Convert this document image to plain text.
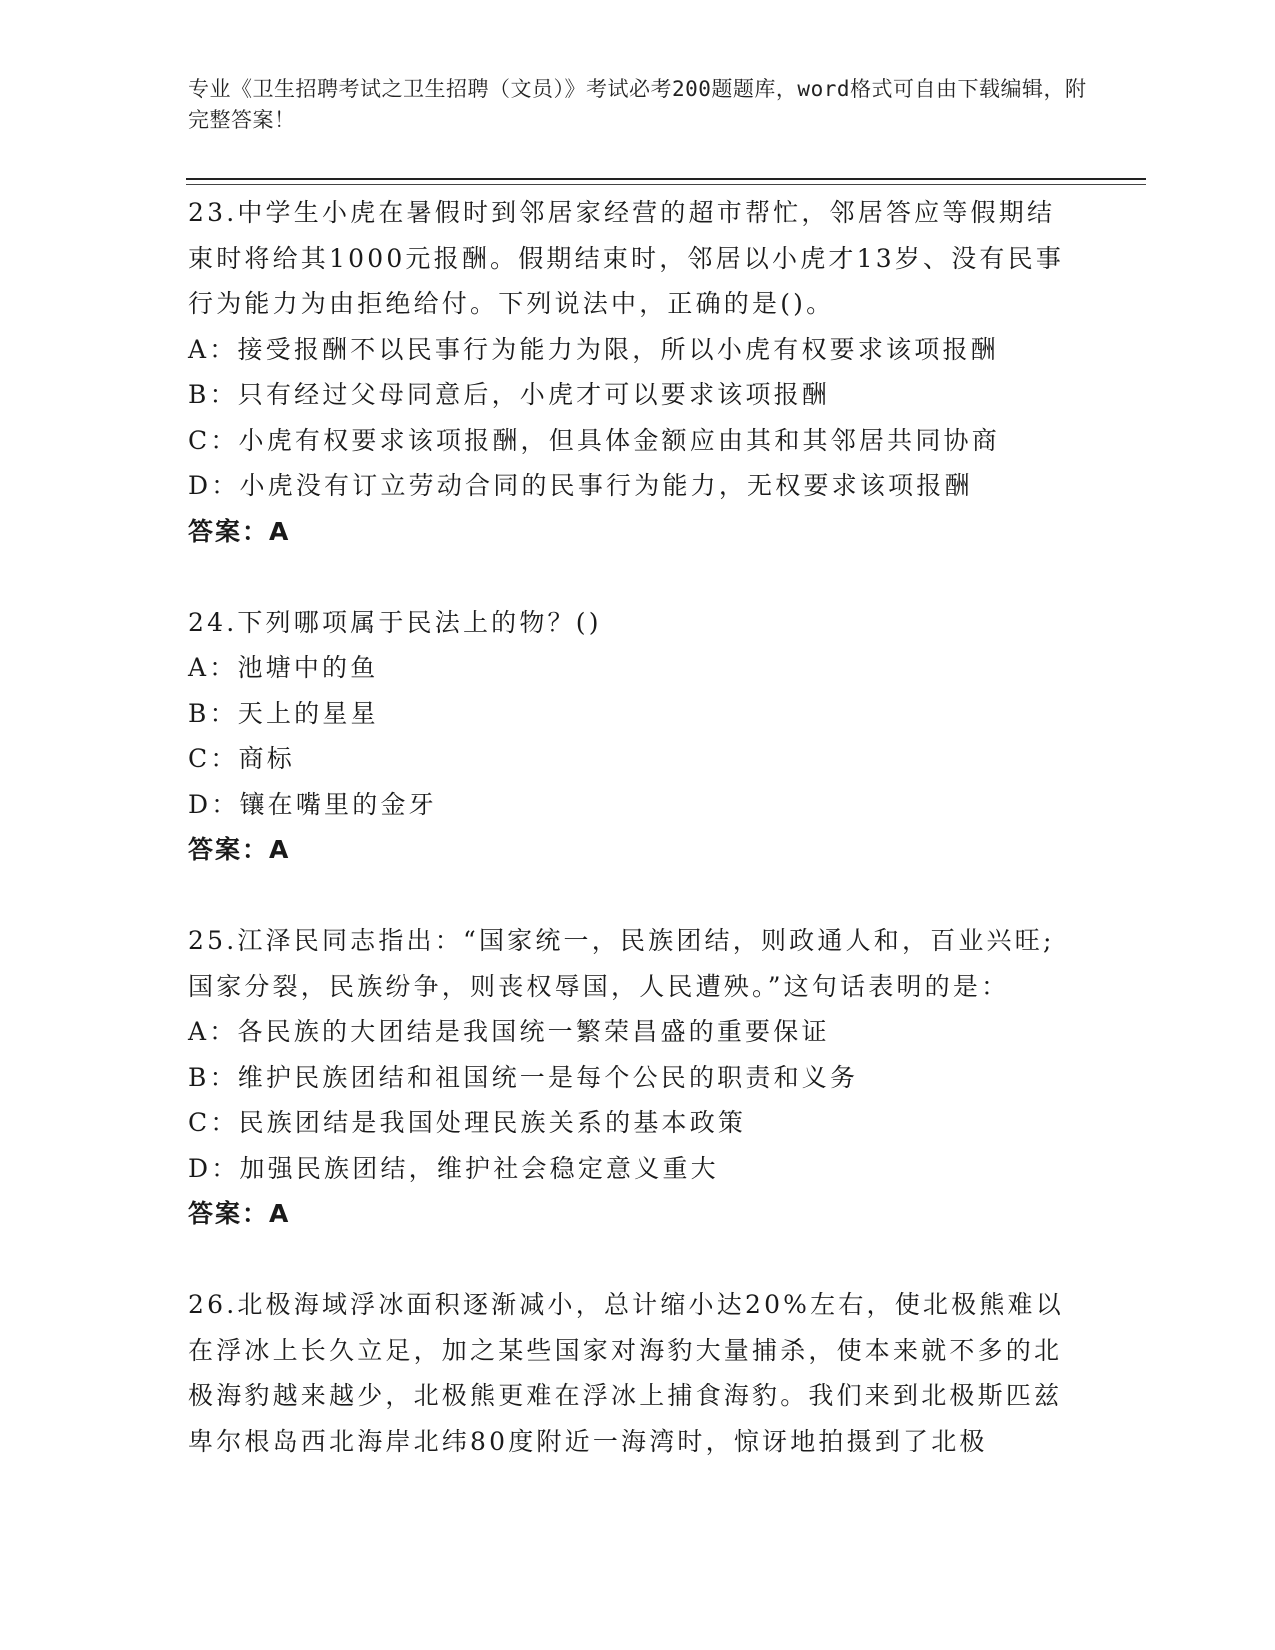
专业《卫生招聘考试之卫生招聘（文员）》考试必考200题题库，word格式可自由下载编辑，附完整答案！

23.中学生小虎在暑假时到邻居家经营的超市帮忙，邻居答应等假期结束时将给其1000元报酬。假期结束时，邻居以小虎才13岁、没有民事行为能力为由拒绝给付。下列说法中，正确的是()。

A：接受报酬不以民事行为能力为限，所以小虎有权要求该项报酬

B：只有经过父母同意后，小虎才可以要求该项报酬

C：小虎有权要求该项报酬，但具体金额应由其和其邻居共同协商

D：小虎没有订立劳动合同的民事行为能力，无权要求该项报酬

答案：A

24.下列哪项属于民法上的物？()

A：池塘中的鱼

B：天上的星星

C：商标

D：镶在嘴里的金牙

答案：A

25.江泽民同志指出：“国家统一，民族团结，则政通人和，百业兴旺;国家分裂，民族纷争，则丧权辱国，人民遭殃。”这句话表明的是：

A：各民族的大团结是我国统一繁荣昌盛的重要保证

B：维护民族团结和祖国统一是每个公民的职责和义务

C：民族团结是我国处理民族关系的基本政策

D：加强民族团结，维护社会稳定意义重大

答案：A

26.北极海域浮冰面积逐渐减小，总计缩小达20%左右，使北极熊难以在浮冰上长久立足，加之某些国家对海豹大量捕杀，使本来就不多的北极海豹越来越少，北极熊更难在浮冰上捕食海豹。我们来到北极斯匹兹卑尔根岛西北海岸北纬80度附近一海湾时，惊讶地拍摄到了北极
